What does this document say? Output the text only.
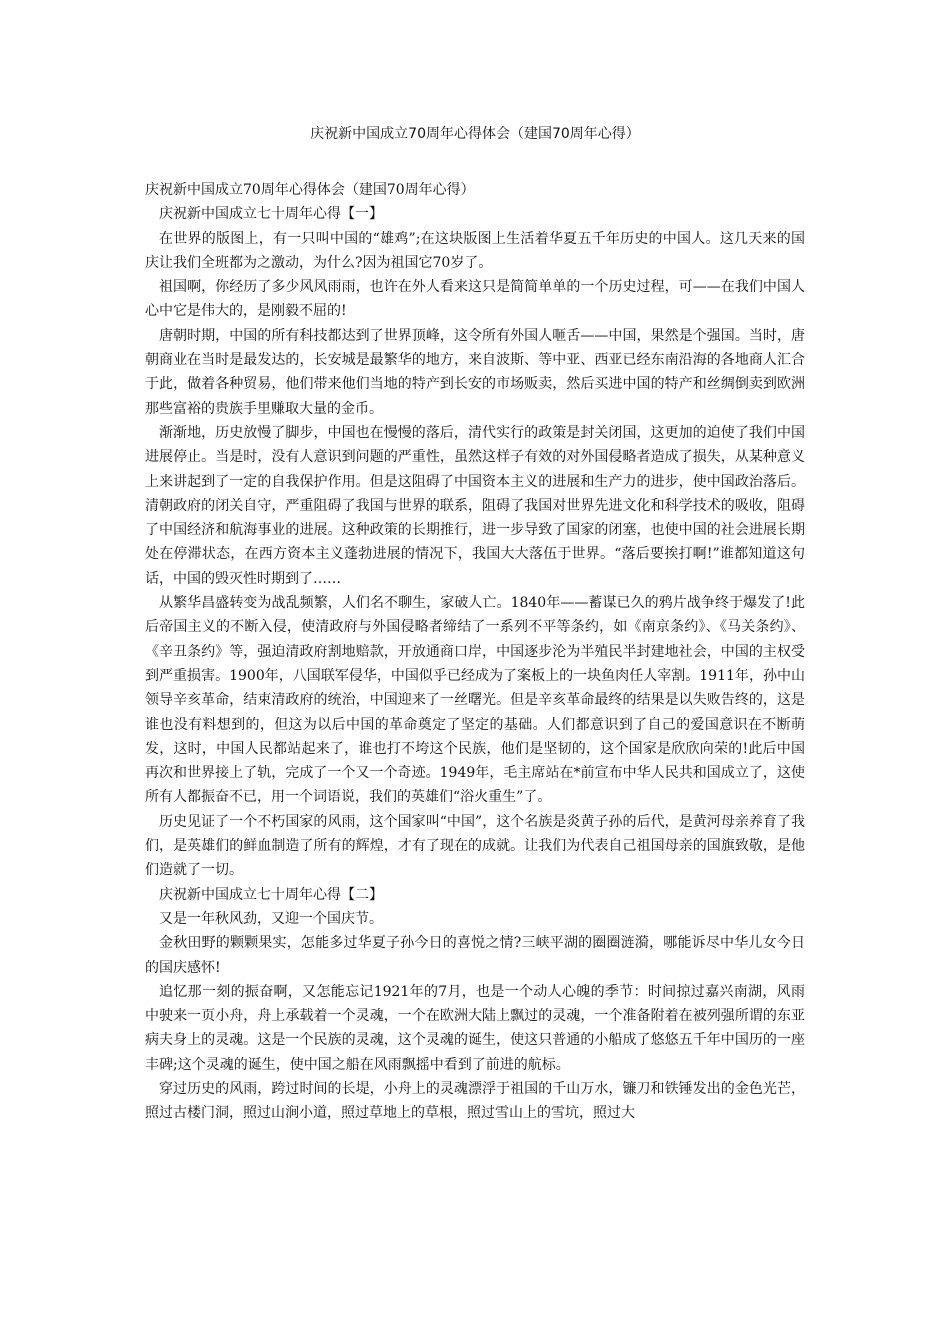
庆祝新中国成立70周年心得体会（建国70周年心得）

庆祝新中国成立70周年心得体会（建国70周年心得）

庆祝新中国成立七十周年心得【一】

在世界的版图上，有一只叫中国的“雄鸡”;在这块版图上生活着华夏五千年历史的中国人。这几天来的国庆让我们全班都为之激动，为什么?因为祖国它70岁了。

祖国啊，你经历了多少风风雨雨，也许在外人看来这只是简简单单的一个历史过程，可——在我们中国人心中它是伟大的，是刚毅不屈的!

唐朝时期，中国的所有科技都达到了世界顶峰，这令所有外国人咂舌——中国，果然是个强国。当时，唐朝商业在当时是最发达的，长安城是最繁华的地方，来自波斯、等中亚、西亚已经东南沿海的各地商人汇合于此，做着各种贸易，他们带来他们当地的特产到长安的市场贩卖，然后买进中国的特产和丝绸倒卖到欧洲那些富裕的贵族手里赚取大量的金币。

渐渐地，历史放慢了脚步，中国也在慢慢的落后，清代实行的政策是封关闭国，这更加的迫使了我们中国进展停止。当是时，没有人意识到问题的严重性，虽然这样子有效的对外国侵略者造成了损失，从某种意义上来讲起到了一定的自我保护作用。但是这阻碍了中国资本主义的进展和生产力的进步，使中国政治落后。清朝政府的闭关自守，严重阻碍了我国与世界的联系，阻碍了我国对世界先进文化和科学技术的吸收，阻碍了中国经济和航海事业的进展。这种政策的长期推行，进一步导致了国家的闭塞，也使中国的社会进展长期处在停滞状态，在西方资本主义蓬勃进展的情况下，我国大大落伍于世界。“落后要挨打啊!”谁都知道这句话，中国的毁灭性时期到了……

从繁华昌盛转变为战乱频繁，人们名不聊生，家破人亡。1840年——蓄谋已久的鸦片战争终于爆发了!此后帝国主义的不断入侵，使清政府与外国侵略者缔结了一系列不平等条约，如《南京条约》、《马关条约》、《辛丑条约》等，强迫清政府割地赔款，开放通商口岸，中国逐步沦为半殖民半封建地社会，中国的主权受到严重损害。1900年，八国联军侵华，中国似乎已经成为了案板上的一块鱼肉任人宰割。1911年，孙中山领导辛亥革命，结束清政府的统治，中国迎来了一丝曙光。但是辛亥革命最终的结果是以失败告终的，这是谁也没有料想到的，但这为以后中国的革命奠定了坚定的基础。人们都意识到了自己的爱国意识在不断萌发，这时，中国人民都站起来了，谁也打不垮这个民族，他们是坚韧的，这个国家是欣欣向荣的!此后中国再次和世界接上了轨，完成了一个又一个奇迹。1949年，毛主席站在*前宣布中华人民共和国成立了，这使所有人都振奋不已，用一个词语说，我们的英雄们“浴火重生”了。

历史见证了一个不朽国家的风雨，这个国家叫“中国”，这个名族是炎黄子孙的后代，是黄河母亲养育了我们，是英雄们的鲜血制造了所有的辉煌，才有了现在的成就。让我们为代表自己祖国母亲的国旗致敬，是他们造就了一切。

庆祝新中国成立七十周年心得【二】

又是一年秋风劲，又迎一个国庆节。

金秋田野的颗颗果实，怎能多过华夏子孙今日的喜悦之情?三峡平湖的圈圈涟漪，哪能诉尽中华儿女今日的国庆感怀!

追忆那一刻的振奋啊，又怎能忘记1921年的7月，也是一个动人心魄的季节：时间掠过嘉兴南湖，风雨中驶来一页小舟，舟上承载着一个灵魂，一个在欧洲大陆上飘过的灵魂，一个准备附着在被列强所谓的东亚病夫身上的灵魂。这是一个民族的灵魂，这个灵魂的诞生，使这只普通的小船成了悠悠五千年中国历的一座丰碑;这个灵魂的诞生，使中国之船在风雨飘摇中看到了前进的航标。

穿过历史的风雨，跨过时间的长堤，小舟上的灵魂漂浮于祖国的千山万水，镰刀和铁锤发出的金色光芒，照过古楼门洞，照过山涧小道，照过草地上的草根，照过雪山上的雪坑，照过大
